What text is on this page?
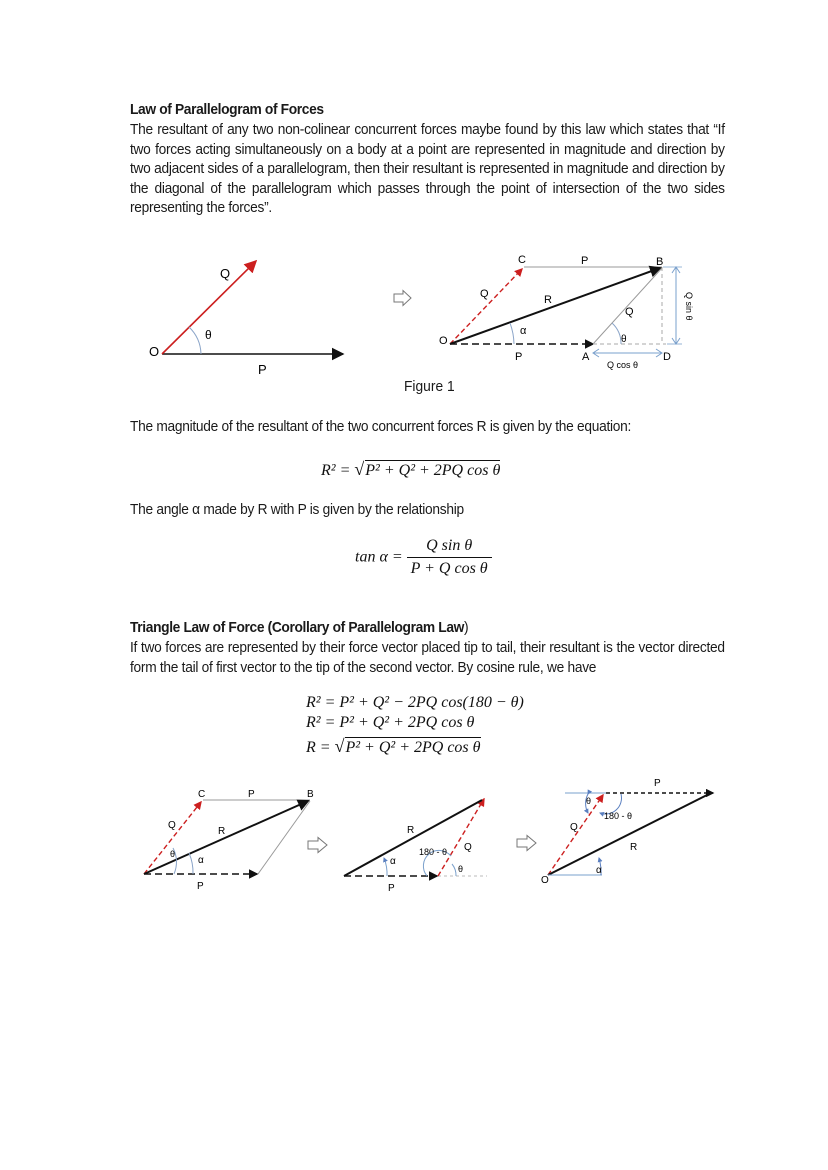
Law of Parallelogram of Forces
The resultant of any two non-colinear concurrent forces maybe found by this law which states that “If two forces acting simultaneously on a body at a point are represented in magnitude and direction by two adjacent sides of a parallelogram, then their resultant is represented in magnitude and direction by the diagonal of the parallelogram which passes through the point of intersection of the two sides representing the forces”.
O
Q
θ
P
C	P	B
Q	R
Q
α
θ
O
P	A	D
Q cos θ
Q sin θ
Figure 1
The magnitude of the resultant of the two concurrent forces R is given by the equation:
R² = √P² + Q² + 2PQ cos θ
The angle α made by R with P is given by the relationship
$\tan \alpha = \frac{\text{Q sin θ}}{\text{P + Q cos θ}}$
Triangle Law of Force (Corollary of Parallelogram Law)
If two forces are represented by their force vector placed tip to tail, their resultant is the vector directed form the tail of first vector to the tip of the second vector. By cosine rule, we have
R² = P² + Q² − 2PQ cos(180 − θ)
R² = P² + Q² + 2PQ cos θ
R = √P² + Q² + 2PQ cos θ
C	P	B
Q
R
θ
α
P
R
Q
α
180 - θ
θ
P
P
θ
180 - θ
Q
R
α
O
